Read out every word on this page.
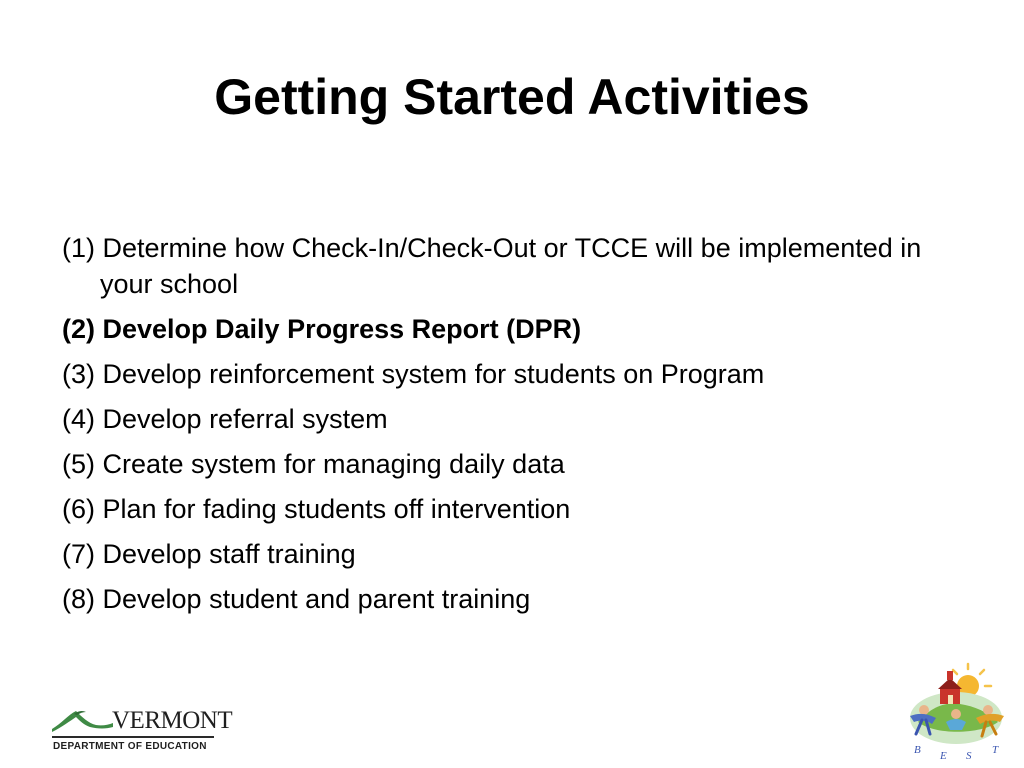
Getting Started Activities
(1) Determine how Check-In/Check-Out or TCCE will be implemented in your school
(2) Develop Daily Progress Report (DPR)
(3) Develop reinforcement system for students on Program
(4) Develop referral system
(5) Create system for managing daily data
(6) Plan for fading students off intervention
(7) Develop staff training
(8) Develop student and parent training
VERMONT
DEPARTMENT OF EDUCATION	B E S T
